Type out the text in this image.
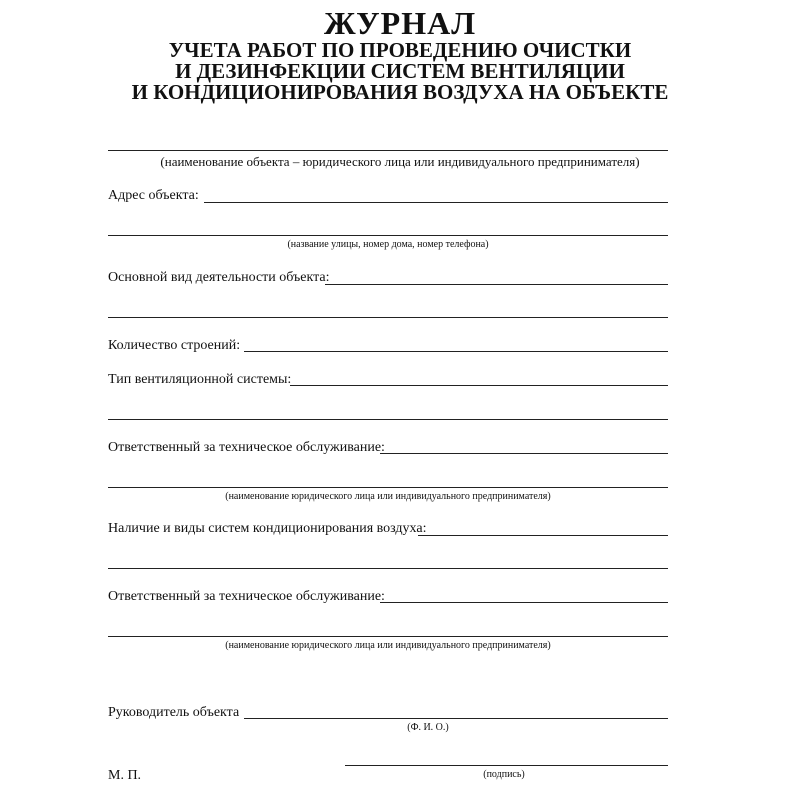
ЖУРНАЛ
УЧЕТА РАБОТ ПО ПРОВЕДЕНИЮ ОЧИСТКИ
И ДЕЗИНФЕКЦИИ СИСТЕМ ВЕНТИЛЯЦИИ
И КОНДИЦИОНИРОВАНИЯ ВОЗДУХА НА ОБЪЕКТЕ
(наименование объекта – юридического лица или индивидуального предпринимателя)
Адрес объекта:
(название улицы, номер дома, номер телефона)
Основной вид деятельности объекта:
Количество строений:
Тип вентиляционной системы:
Ответственный за техническое обслуживание:
(наименование юридического лица или индивидуального предпринимателя)
Наличие и виды систем кондиционирования воздуха:
Ответственный за техническое обслуживание:
(наименование юридического лица или индивидуального предпринимателя)
Руководитель объекта
(Ф. И. О.)
М. П.	(подпись)
